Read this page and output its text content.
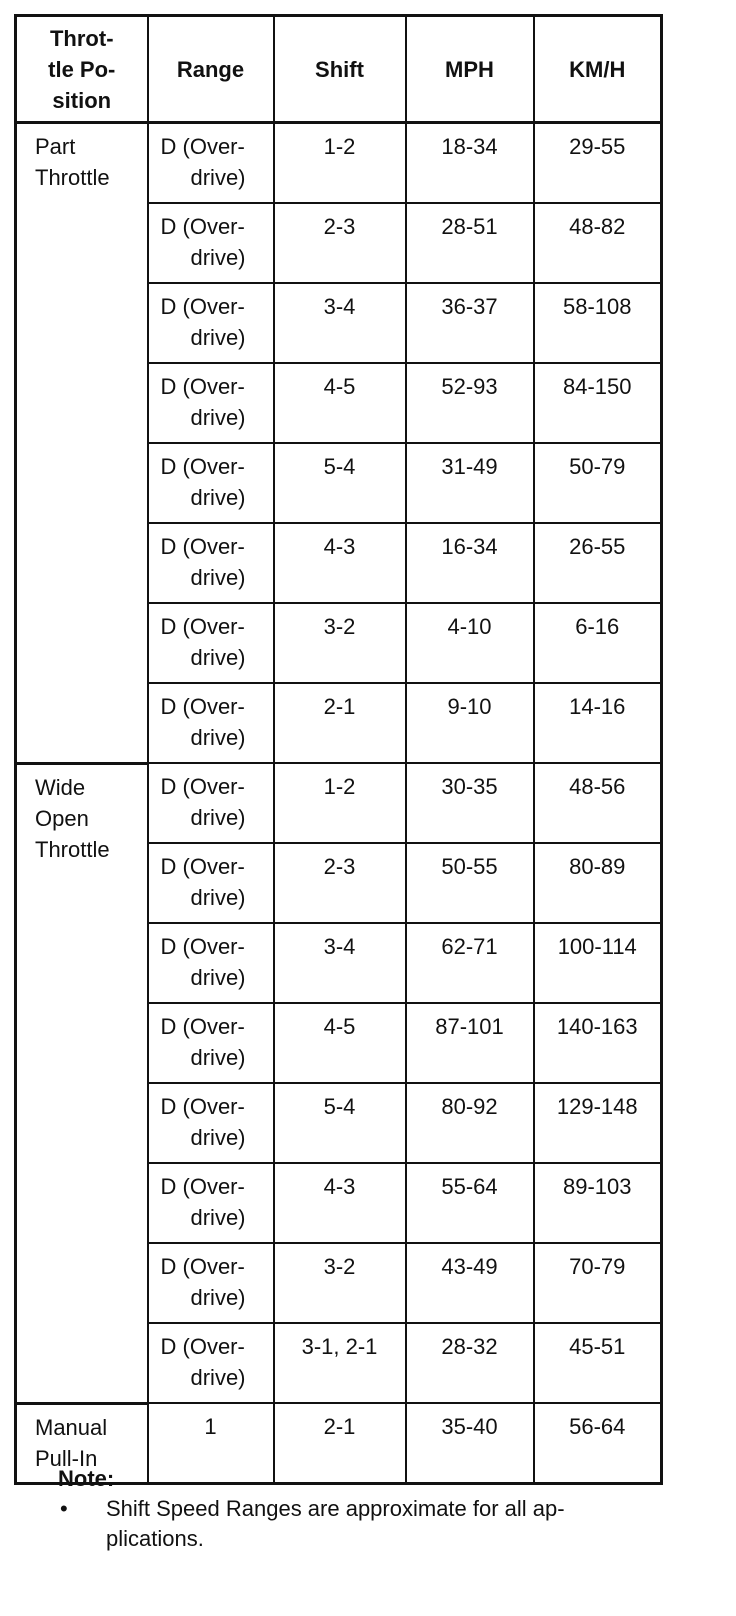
Throt-
tle Po-
sition	Range	Shift	MPH	KM/H
Part
Throttle	D (Over-
drive)	1-2	18-34	29-55
	D (Over-
drive)	2-3	28-51	48-82
	D (Over-
drive)	3-4	36-37	58-108
	D (Over-
drive)	4-5	52-93	84-150
	D (Over-
drive)	5-4	31-49	50-79
	D (Over-
drive)	4-3	16-34	26-55
	D (Over-
drive)	3-2	4-10	6-16
	D (Over-
drive)	2-1	9-10	14-16
Wide
Open
Throttle	D (Over-
drive)	1-2	30-35	48-56
	D (Over-
drive)	2-3	50-55	80-89
	D (Over-
drive)	3-4	62-71	100-114
	D (Over-
drive)	4-5	87-101	140-163
	D (Over-
drive)	5-4	80-92	129-148
	D (Over-
drive)	4-3	55-64	89-103
	D (Over-
drive)	3-2	43-49	70-79
	D (Over-
drive)	3-1, 2-1	28-32	45-51
Manual
Pull-In	1	2-1	35-40	56-64
Note:
•	Shift Speed Ranges are approximate for all ap-
plications.
